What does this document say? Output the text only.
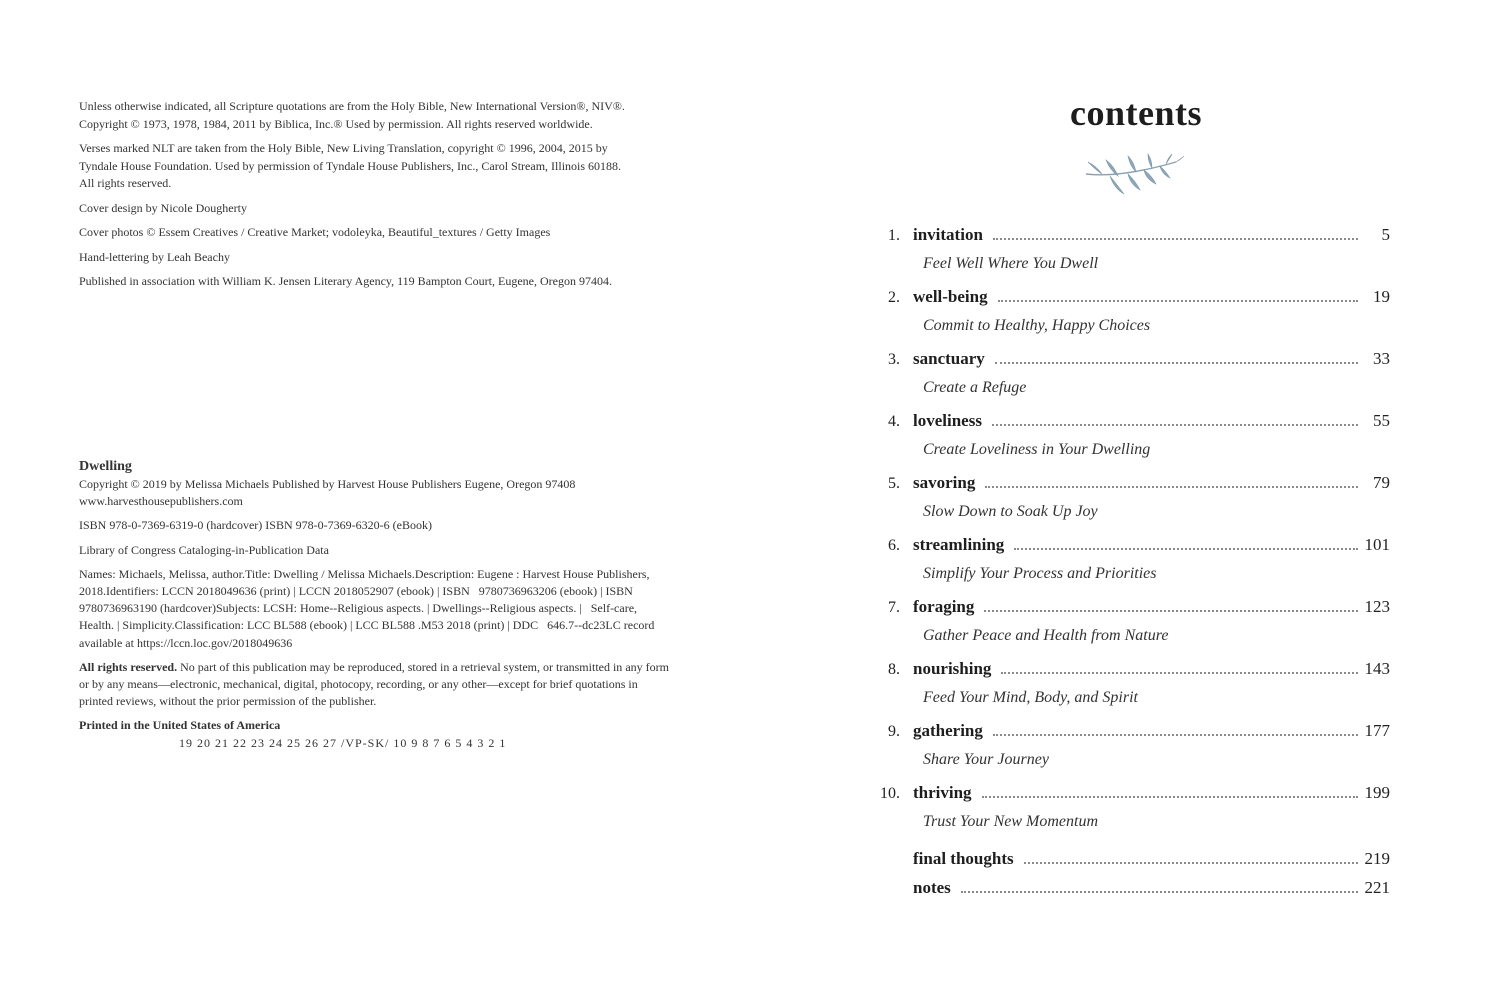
Unless otherwise indicated, all Scripture quotations are from the Holy Bible, New International Version®, NIV®.
Copyright © 1973, 1978, 1984, 2011 by Biblica, Inc.® Used by permission. All rights reserved worldwide.

Verses marked NLT are taken from the Holy Bible, New Living Translation, copyright © 1996, 2004, 2015 by
Tyndale House Foundation. Used by permission of Tyndale House Publishers, Inc., Carol Stream, Illinois 60188.
All rights reserved.

Cover design by Nicole Dougherty

Cover photos © Essem Creatives / Creative Market; vodoleyka, Beautiful_textures / Getty Images

Hand-lettering by Leah Beachy

Published in association with William K. Jensen Literary Agency, 119 Bampton Court, Eugene, Oregon 97404.

Dwelling
Copyright © 2019 by Melissa Michaels Published by Harvest House Publishers Eugene, Oregon 97408 www.harvesthousepublishers.com

ISBN 978-0-7369-6319-0 (hardcover) ISBN 978-0-7369-6320-6 (eBook)

Library of Congress Cataloging-in-Publication Data

Names: Michaels, Melissa, author.Title: Dwelling / Melissa Michaels.Description: Eugene : Harvest House Publishers, 2018.Identifiers: LCCN 2018049636 (print) | LCCN 2018052907 (ebook) | ISBN 9780736963206 (ebook) | ISBN 9780736963190 (hardcover)Subjects: LCSH: Home--Religious aspects. | Dwellings--Religious aspects. | Self-care, Health. | Simplicity.Classification: LCC BL588 (ebook) | LCC BL588 .M53 2018 (print) | DDC 646.7--dc23LC record available at https://lccn.loc.gov/2018049636

All rights reserved. No part of this publication may be reproduced, stored in a retrieval system, or transmitted in any form or by any means—electronic, mechanical, digital, photocopy, recording, or any other—except for brief quotations in printed reviews, without the prior permission of the publisher.

Printed in the United States of America

19 20 21 22 23 24 25 26 27 /VP-SK/ 10 9 8 7 6 5 4 3 2 1

contents
1. invitation	5
Feel Well Where You Dwell
2. well-being	19
Commit to Healthy, Happy Choices
3. sanctuary	33
Create a Refuge
4. loveliness	55
Create Loveliness in Your Dwelling
5. savoring	79
Slow Down to Soak Up Joy
6. streamlining	101
Simplify Your Process and Priorities
7. foraging	123
Gather Peace and Health from Nature
8. nourishing	143
Feed Your Mind, Body, and Spirit
9. gathering	177
Share Your Journey
10. thriving	199
Trust Your New Momentum
final thoughts	219
notes	221
